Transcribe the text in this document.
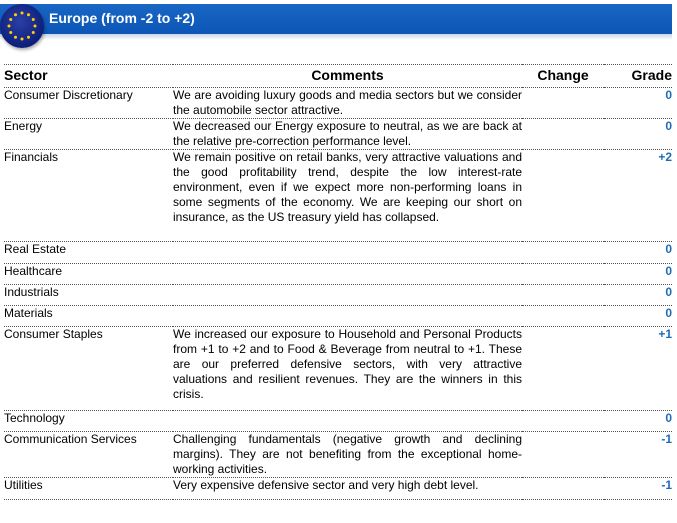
Europe (from -2 to +2)
Sector	Comments	Change	Grade
Consumer Discretionary	We are avoiding luxury goods and media sectors but we consider the automobile sector attractive.		0
Energy	We decreased our Energy exposure to neutral, as we are back at the relative pre-correction performance level.		0
Financials	We remain positive on retail banks, very attractive valuations and the good profitability trend, despite the low interest-rate environment, even if we expect more non-performing loans in some segments of the economy. We are keeping our short on insurance, as the US treasury yield has collapsed.		+2
Real Estate			0
Healthcare			0
Industrials			0
Materials			0
Consumer Staples	We increased our exposure to Household and Personal Products from +1 to +2 and to Food & Beverage from neutral to +1. These are our preferred defensive sectors, with very attractive valuations and resilient revenues. They are the winners in this crisis.		+1
Technology			0
Communication Services	Challenging fundamentals (negative growth and declining margins). They are not benefiting from the exceptional home-working activities.		-1
Utilities	Very expensive defensive sector and very high debt level.		-1
